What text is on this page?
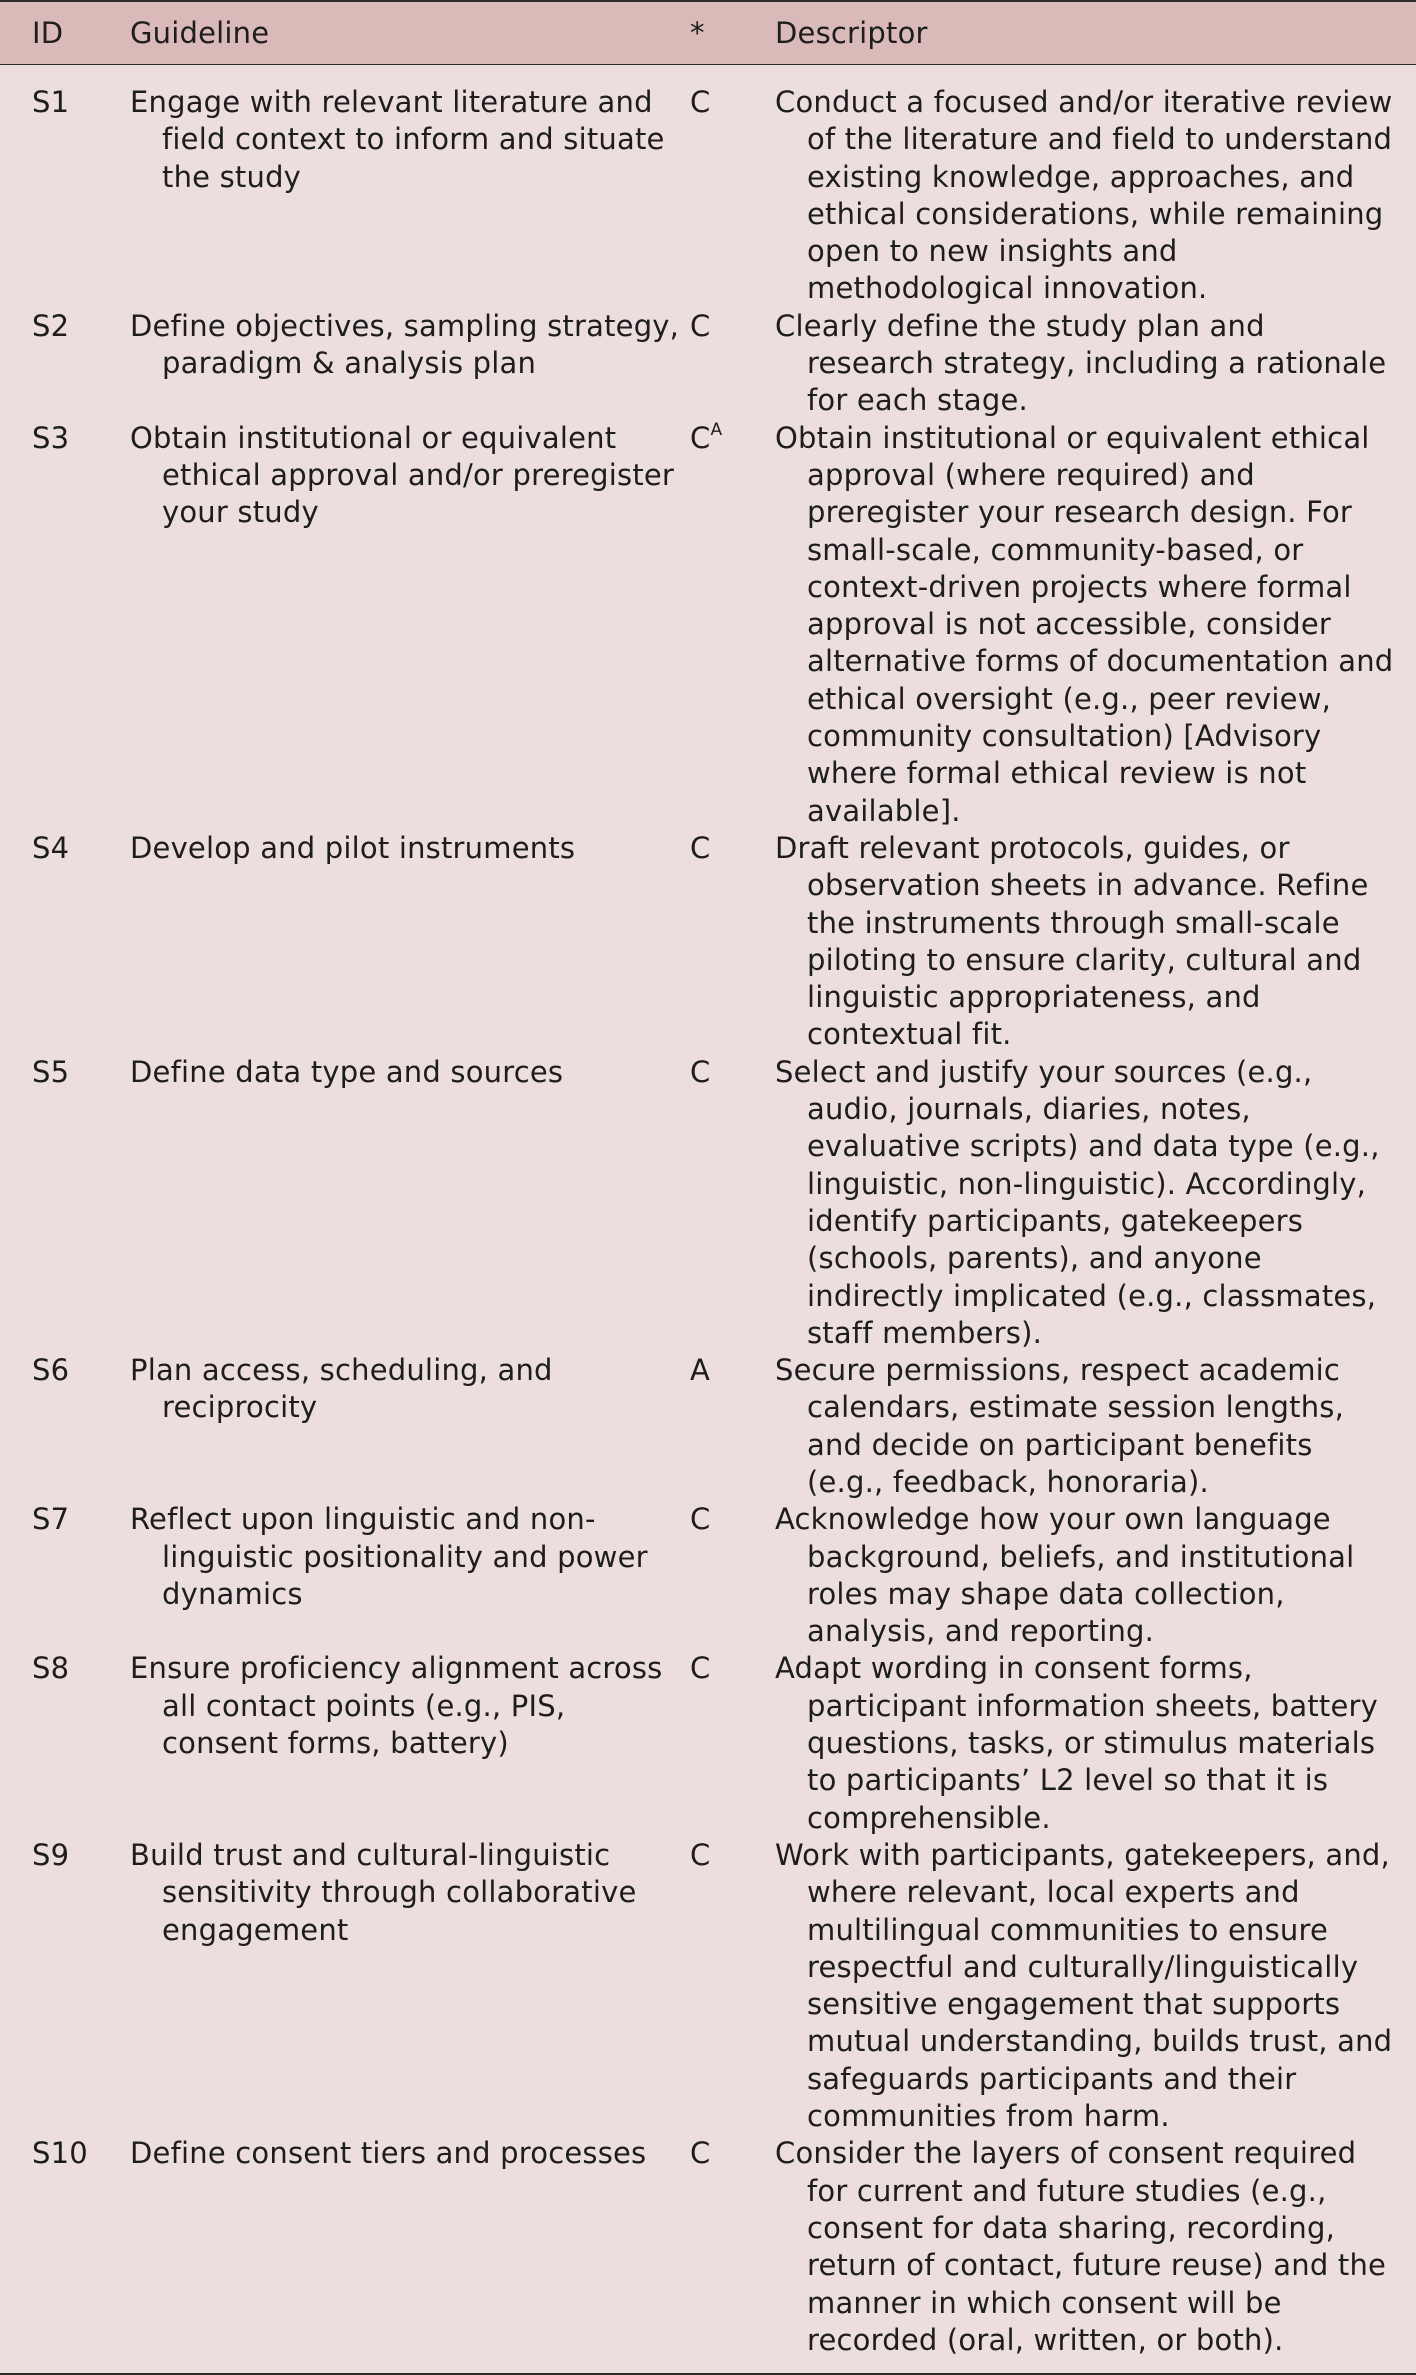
ID	Guideline	*	Descriptor
S1	Engage with relevant literature and field context to inform and situate the study	C	Conduct a focused and/or iterative review of the literature and field to understand existing knowledge, approaches, and ethical considerations, while remaining open to new insights and methodological innovation.

S2	Define objectives, sampling strategy, paradigm & analysis plan	C	Clearly define the study plan and research strategy, including a rationale for each stage.

S3	Obtain institutional or equivalent ethical approval and/or preregister your study	$C^A$	Obtain institutional or equivalent ethical approval (where required) and preregister your research design. For small-scale, community-based, or context-driven projects where formal approval is not accessible, consider alternative forms of documentation and ethical oversight (e.g., peer review, community consultation) [Advisory where formal ethical review is not available].

S4	Develop and pilot instruments	C	Draft relevant protocols, guides, or observation sheets in advance. Refine the instruments through small-scale piloting to ensure clarity, cultural and linguistic appropriateness, and contextual fit.

S5	Define data type and sources	C	Select and justify your sources (e.g., audio, journals, diaries, notes, evaluative scripts) and data type (e.g., linguistic, non-linguistic). Accordingly, identify participants, gatekeepers (schools, parents), and anyone indirectly implicated (e.g., classmates, staff members).

S6	Plan access, scheduling, and reciprocity	A	Secure permissions, respect academic calendars, estimate session lengths, and decide on participant benefits (e.g., feedback, honoraria).

S7	Reflect upon linguistic and non-linguistic positionality and power dynamics	C	Acknowledge how your own language background, beliefs, and institutional roles may shape data collection, analysis, and reporting.

S8	Ensure proficiency alignment across all contact points (e.g., PIS, consent forms, battery)	C	Adapt wording in consent forms, participant information sheets, battery questions, tasks, or stimulus materials to participants’ L2 level so that it is comprehensible.

S9	Build trust and cultural-linguistic sensitivity through collaborative engagement	C	Work with participants, gatekeepers, and, where relevant, local experts and multilingual communities to ensure respectful and culturally/linguistically sensitive engagement that supports mutual understanding, builds trust, and safeguards participants and their communities from harm.

S10	Define consent tiers and processes	C	Consider the layers of consent required for current and future studies (e.g., consent for data sharing, recording, return of contact, future reuse) and the manner in which consent will be recorded (oral, written, or both).
